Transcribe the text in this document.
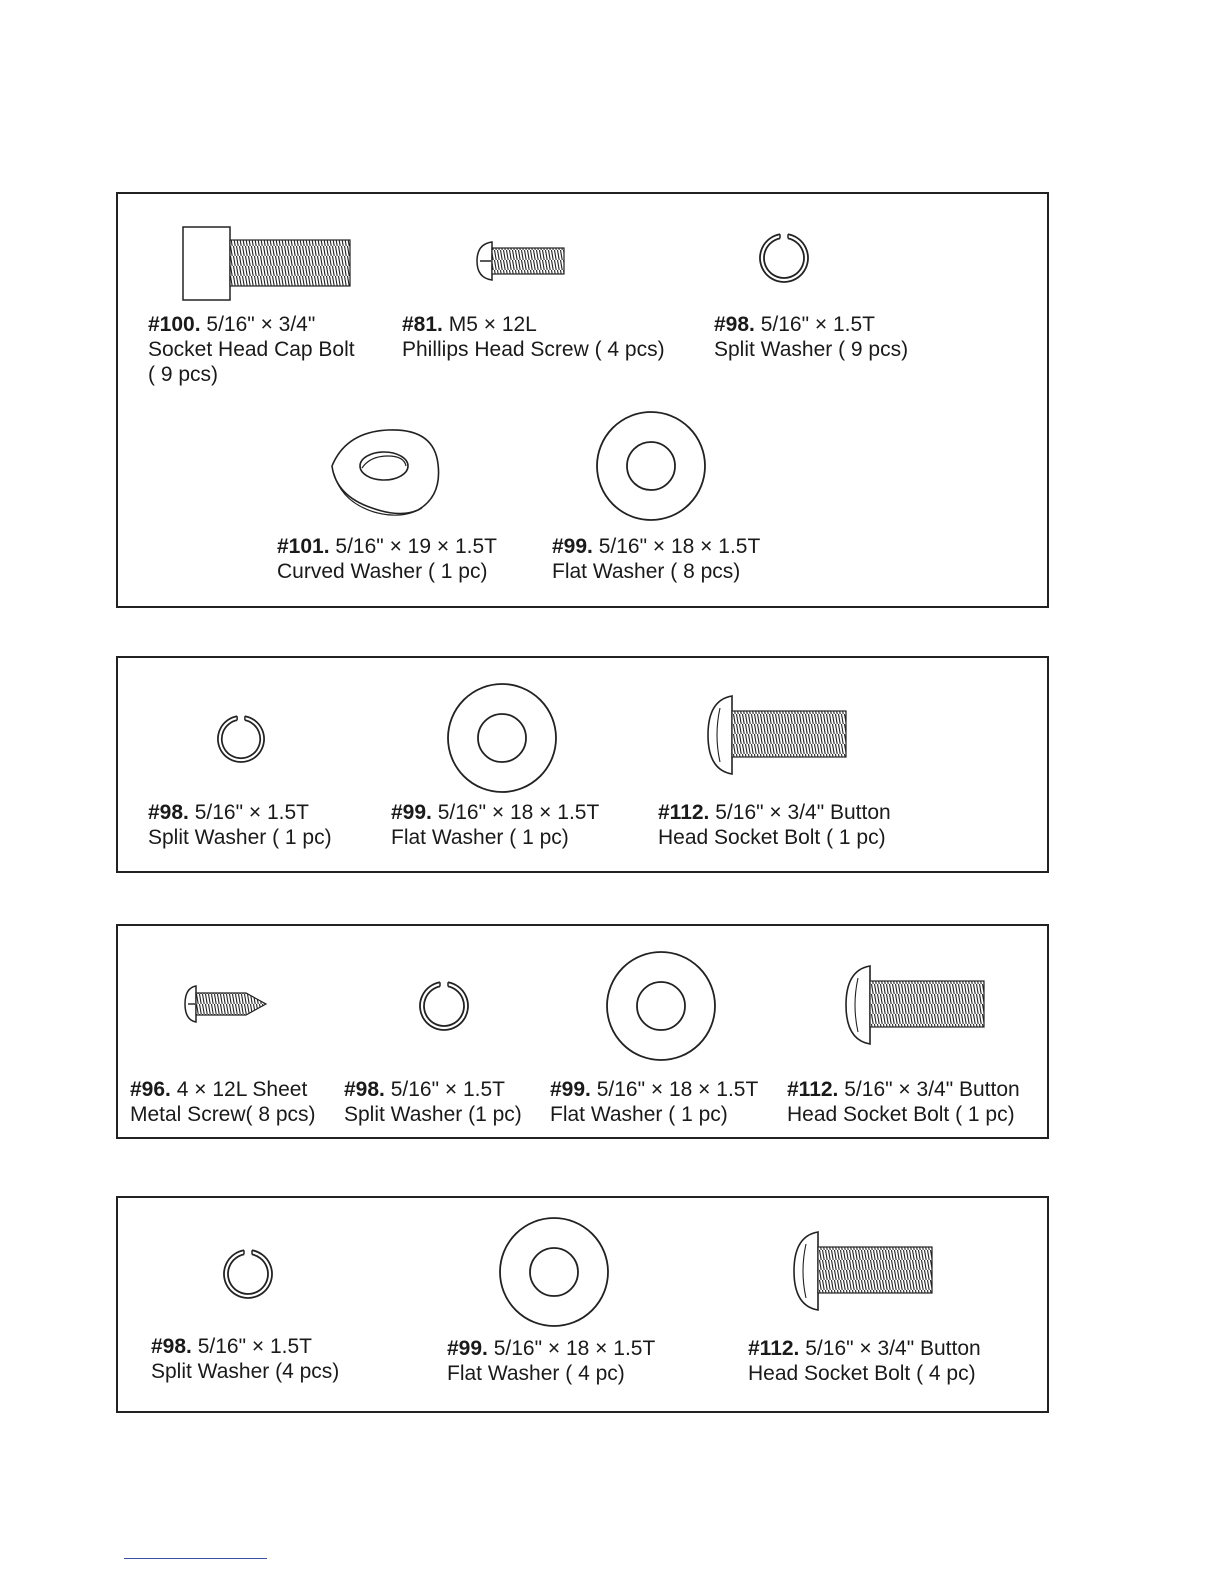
#100. 5/16" × 3/4"
Socket Head Cap Bolt
( 9 pcs)
#81. M5 × 12L
Phillips Head Screw ( 4 pcs)
#98. 5/16" × 1.5T
Split Washer ( 9 pcs)
#101. 5/16" × 19 × 1.5T
Curved Washer ( 1 pc)
#99. 5/16" × 18 × 1.5T
Flat Washer ( 8 pcs)
#98. 5/16" × 1.5T
Split Washer ( 1 pc)
#99. 5/16" × 18 × 1.5T
Flat Washer ( 1 pc)
#112. 5/16" × 3/4" Button
Head Socket Bolt ( 1 pc)
#96. 4 × 12L Sheet
Metal Screw( 8 pcs)
#98. 5/16" × 1.5T
Split Washer (1 pc)
#99. 5/16" × 18 × 1.5T
Flat Washer ( 1 pc)
#112. 5/16" × 3/4" Button
Head Socket Bolt ( 1 pc)
#98. 5/16" × 1.5T
Split Washer (4 pcs)
#99. 5/16" × 18 × 1.5T
Flat Washer ( 4 pc)
#112. 5/16" × 3/4" Button
Head Socket Bolt ( 4 pc)
